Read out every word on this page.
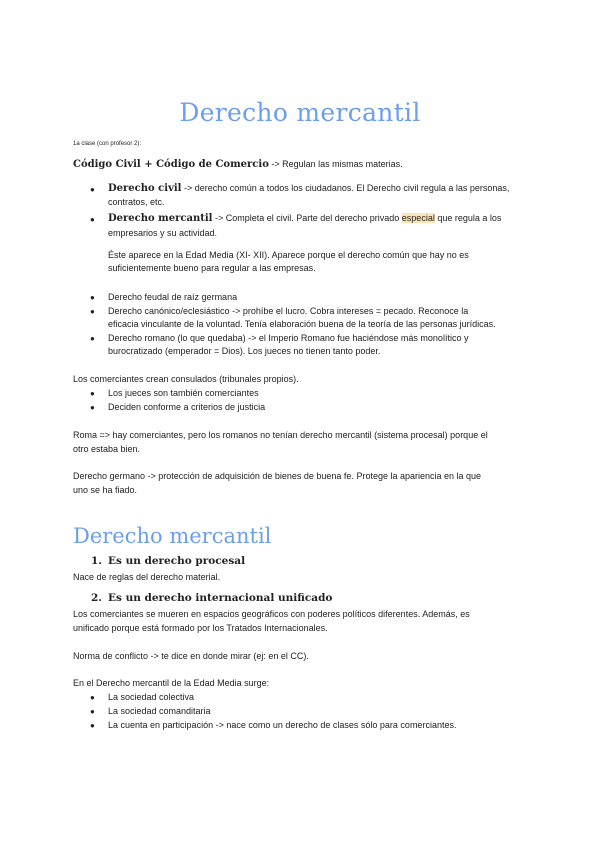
Derecho mercantil
1a clase (con profesor 2):
Código Civil + Código de Comercio -> Regulan las mismas materias.
● Derecho civil -> derecho común a todos los ciudadanos. El Derecho civil regula a las personas,
contratos, etc.
● Derecho mercantil -> Completa el civil. Parte del derecho privado especial que regula a los
empresarios y su actividad.
Éste aparece en la Edad Media (XI- XII). Aparece porque el derecho común que hay no es
suficientemente bueno para regular a las empresas.
● Derecho feudal de raíz germana
● Derecho canónico/eclesiástico -> prohíbe el lucro. Cobra intereses = pecado. Reconoce la
eficacia vinculante de la voluntad. Tenía elaboración buena de la teoría de las personas jurídicas.
● Derecho romano (lo que quedaba) -> el Imperio Romano fue haciéndose más monolítico y
burocratizado (emperador = Dios). Los jueces no tienen tanto poder.
Los comerciantes crean consulados (tribunales propios).
● Los jueces son también comerciantes
● Deciden conforme a criterios de justicia
Roma => hay comerciantes, pero los romanos no tenían derecho mercantil (sistema procesal) porque el
otro estaba bien.
Derecho germano -> protección de adquisición de bienes de buena fe. Protege la apariencia en la que
uno se ha fiado.
Derecho mercantil
1. Es un derecho procesal
Nace de reglas del derecho material.
2. Es un derecho internacional unificado
Los comerciantes se mueren en espacios geográficos con poderes políticos diferentes. Además, es
unificado porque está formado por los Tratados Internacionales.
Norma de conflicto -> te dice en donde mirar (ej: en el CC).
En el Derecho mercantil de la Edad Media surge:
● La sociedad colectiva
● La sociedad comanditaria
● La cuenta en participación -> nace como un derecho de clases sólo para comerciantes.
